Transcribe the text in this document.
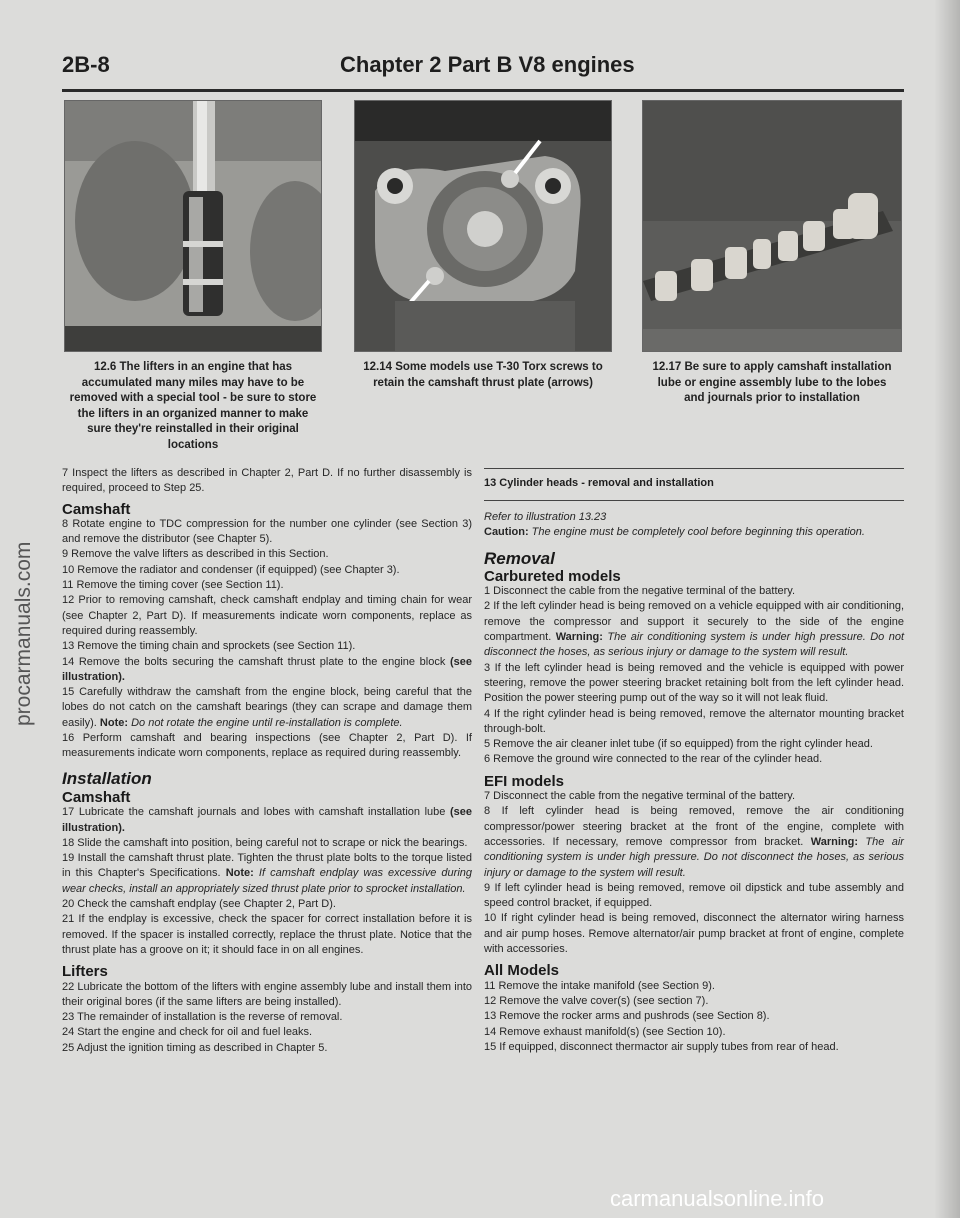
2B-8	Chapter 2 Part B V8 engines
12.6 The lifters in an engine that has accumulated many miles may have to be removed with a special tool - be sure to store the lifters in an organized manner to make sure they're reinstalled in their original locations
12.14 Some models use T-30 Torx screws to retain the camshaft thrust plate (arrows)
12.17 Be sure to apply camshaft installation lube or engine assembly lube to the lobes and journals prior to installation

7 Inspect the lifters as described in Chapter 2, Part D. If no further disassembly is required, proceed to Step 25.

Camshaft

8 Rotate engine to TDC compression for the number one cylinder (see Section 3) and remove the distributor (see Chapter 5).

9 Remove the valve lifters as described in this Section.

10 Remove the radiator and condenser (if equipped) (see Chapter 3).

11 Remove the timing cover (see Section 11).

12 Prior to removing camshaft, check camshaft endplay and timing chain for wear (see Chapter 2, Part D). If measurements indicate worn components, replace as required during reassembly.

13 Remove the timing chain and sprockets (see Section 11).

14 Remove the bolts securing the camshaft thrust plate to the engine block (see illustration).

15 Carefully withdraw the camshaft from the engine block, being careful that the lobes do not catch on the camshaft bearings (they can scrape and damage them easily). Note: Do not rotate the engine until re-installation is complete.

16 Perform camshaft and bearing inspections (see Chapter 2, Part D). If measurements indicate worn components, replace as required during reassembly.

Installation
Camshaft

17 Lubricate the camshaft journals and lobes with camshaft installation lube (see illustration).

18 Slide the camshaft into position, being careful not to scrape or nick the bearings.

19 Install the camshaft thrust plate. Tighten the thrust plate bolts to the torque listed in this Chapter's Specifications. Note: If camshaft endplay was excessive during wear checks, install an appropriately sized thrust plate prior to sprocket installation.

20 Check the camshaft endplay (see Chapter 2, Part D).

21 If the endplay is excessive, check the spacer for correct installation before it is removed. If the spacer is installed correctly, replace the thrust plate. Notice that the thrust plate has a groove on it; it should face in on all engines.

Lifters

22 Lubricate the bottom of the lifters with engine assembly lube and install them into their original bores (if the same lifters are being installed).

23 The remainder of installation is the reverse of removal.

24 Start the engine and check for oil and fuel leaks.

25 Adjust the ignition timing as described in Chapter 5.

13 Cylinder heads - removal and installation

Refer to illustration 13.23

Caution: The engine must be completely cool before beginning this operation.

Removal
Carbureted models

1 Disconnect the cable from the negative terminal of the battery.

2 If the left cylinder head is being removed on a vehicle equipped with air conditioning, remove the compressor and support it securely to the side of the engine compartment. Warning: The air conditioning system is under high pressure. Do not disconnect the hoses, as serious injury or damage to the system will result.

3 If the left cylinder head is being removed and the vehicle is equipped with power steering, remove the power steering bracket retaining bolt from the left cylinder head. Position the power steering pump out of the way so it will not leak fluid.

4 If the right cylinder head is being removed, remove the alternator mounting bracket through-bolt.

5 Remove the air cleaner inlet tube (if so equipped) from the right cylinder head.

6 Remove the ground wire connected to the rear of the cylinder head.

EFI models

7 Disconnect the cable from the negative terminal of the battery.

8 If left cylinder head is being removed, remove the air conditioning compressor/power steering bracket at the front of the engine, complete with accessories. If necessary, remove compressor from bracket. Warning: The air conditioning system is under high pressure. Do not disconnect the hoses, as serious injury or damage to the system will result.

9 If left cylinder head is being removed, remove oil dipstick and tube assembly and speed control bracket, if equipped.

10 If right cylinder head is being removed, disconnect the alternator wiring harness and air pump hoses. Remove alternator/air pump bracket at front of engine, complete with accessories.

All Models

11 Remove the intake manifold (see Section 9).

12 Remove the valve cover(s) (see section 7).

13 Remove the rocker arms and pushrods (see Section 8).

14 Remove exhaust manifold(s) (see Section 10).

15 If equipped, disconnect thermactor air supply tubes from rear of head.

procarmanuals.com
carmanualsonline.info
